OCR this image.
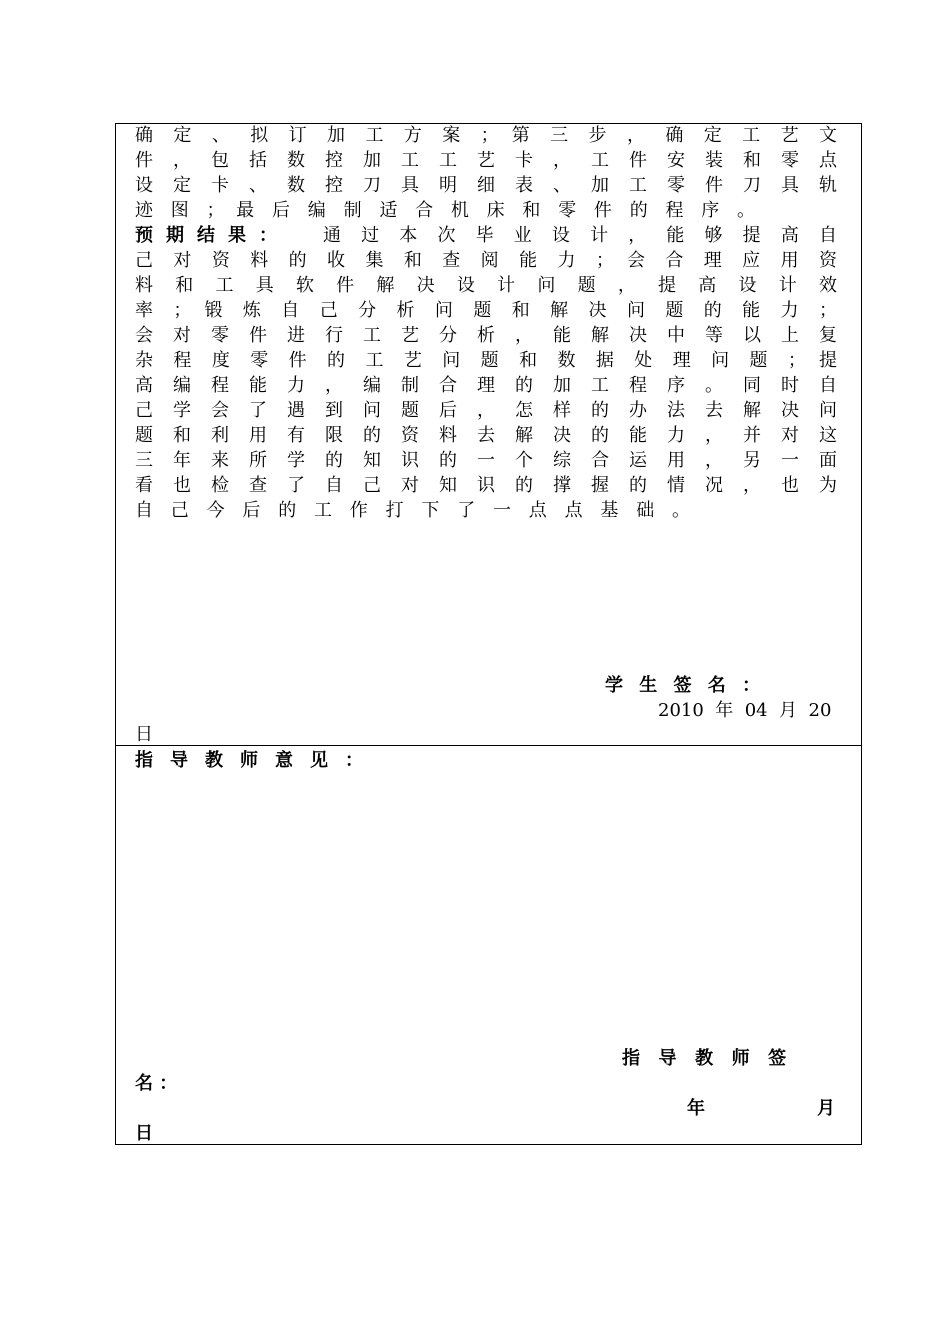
确 定 、 拟 订 加 工 方 案 ； 第 三 步 ， 确 定 工 艺 文
件 ， 包 括 数 控 加 工 工 艺 卡 ， 工 件 安 装 和 零 点
设 定 卡 、 数 控 刀 具 明 细 表 、 加 工 零 件 刀 具 轨
迹 图 ； 最 后 编 制 适 合 机 床 和 零 件 的 程 序 。
预期结果：	通 过 本 次 毕 业 设 计 ， 能 够 提 高 自
己 对 资 料 的 收 集 和 查 阅 能 力 ； 会 合 理 应 用 资
料 和 工 具 软 件 解 决 设 计 问 题 ， 提 高 设 计 效
率 ； 锻 炼 自 己 分 析 问 题 和 解 决 问 题 的 能 力 ；
会 对 零 件 进 行 工 艺 分 析 ， 能 解 决 中 等 以 上 复
杂 程 度 零 件 的 工 艺 问 题 和 数 据 处 理 问 题 ； 提
高 编 程 能 力 ， 编 制 合 理 的 加 工 程 序 。 同 时 自
己 学 会 了 遇 到 问 题 后 ， 怎 样 的 办 法 去 解 决 问
题 和 利 用 有 限 的 资 料 去 解 决 的 能 力 ， 并 对 这
三 年 来 所 学 的 知 识 的 一 个 综 合 运 用 ， 另 一 面
看 也 检 查 了 自 己 对 知 识 的 撑 握 的 情 况 ， 也 为
自 己 今 后 的 工 作 打 下 了 一 点 点 基 础 。
学 生 签 名 ：
2010  年  04  月  20
日
指导教师意见：
指  导  教  师  签
名 ：
年	月
日
